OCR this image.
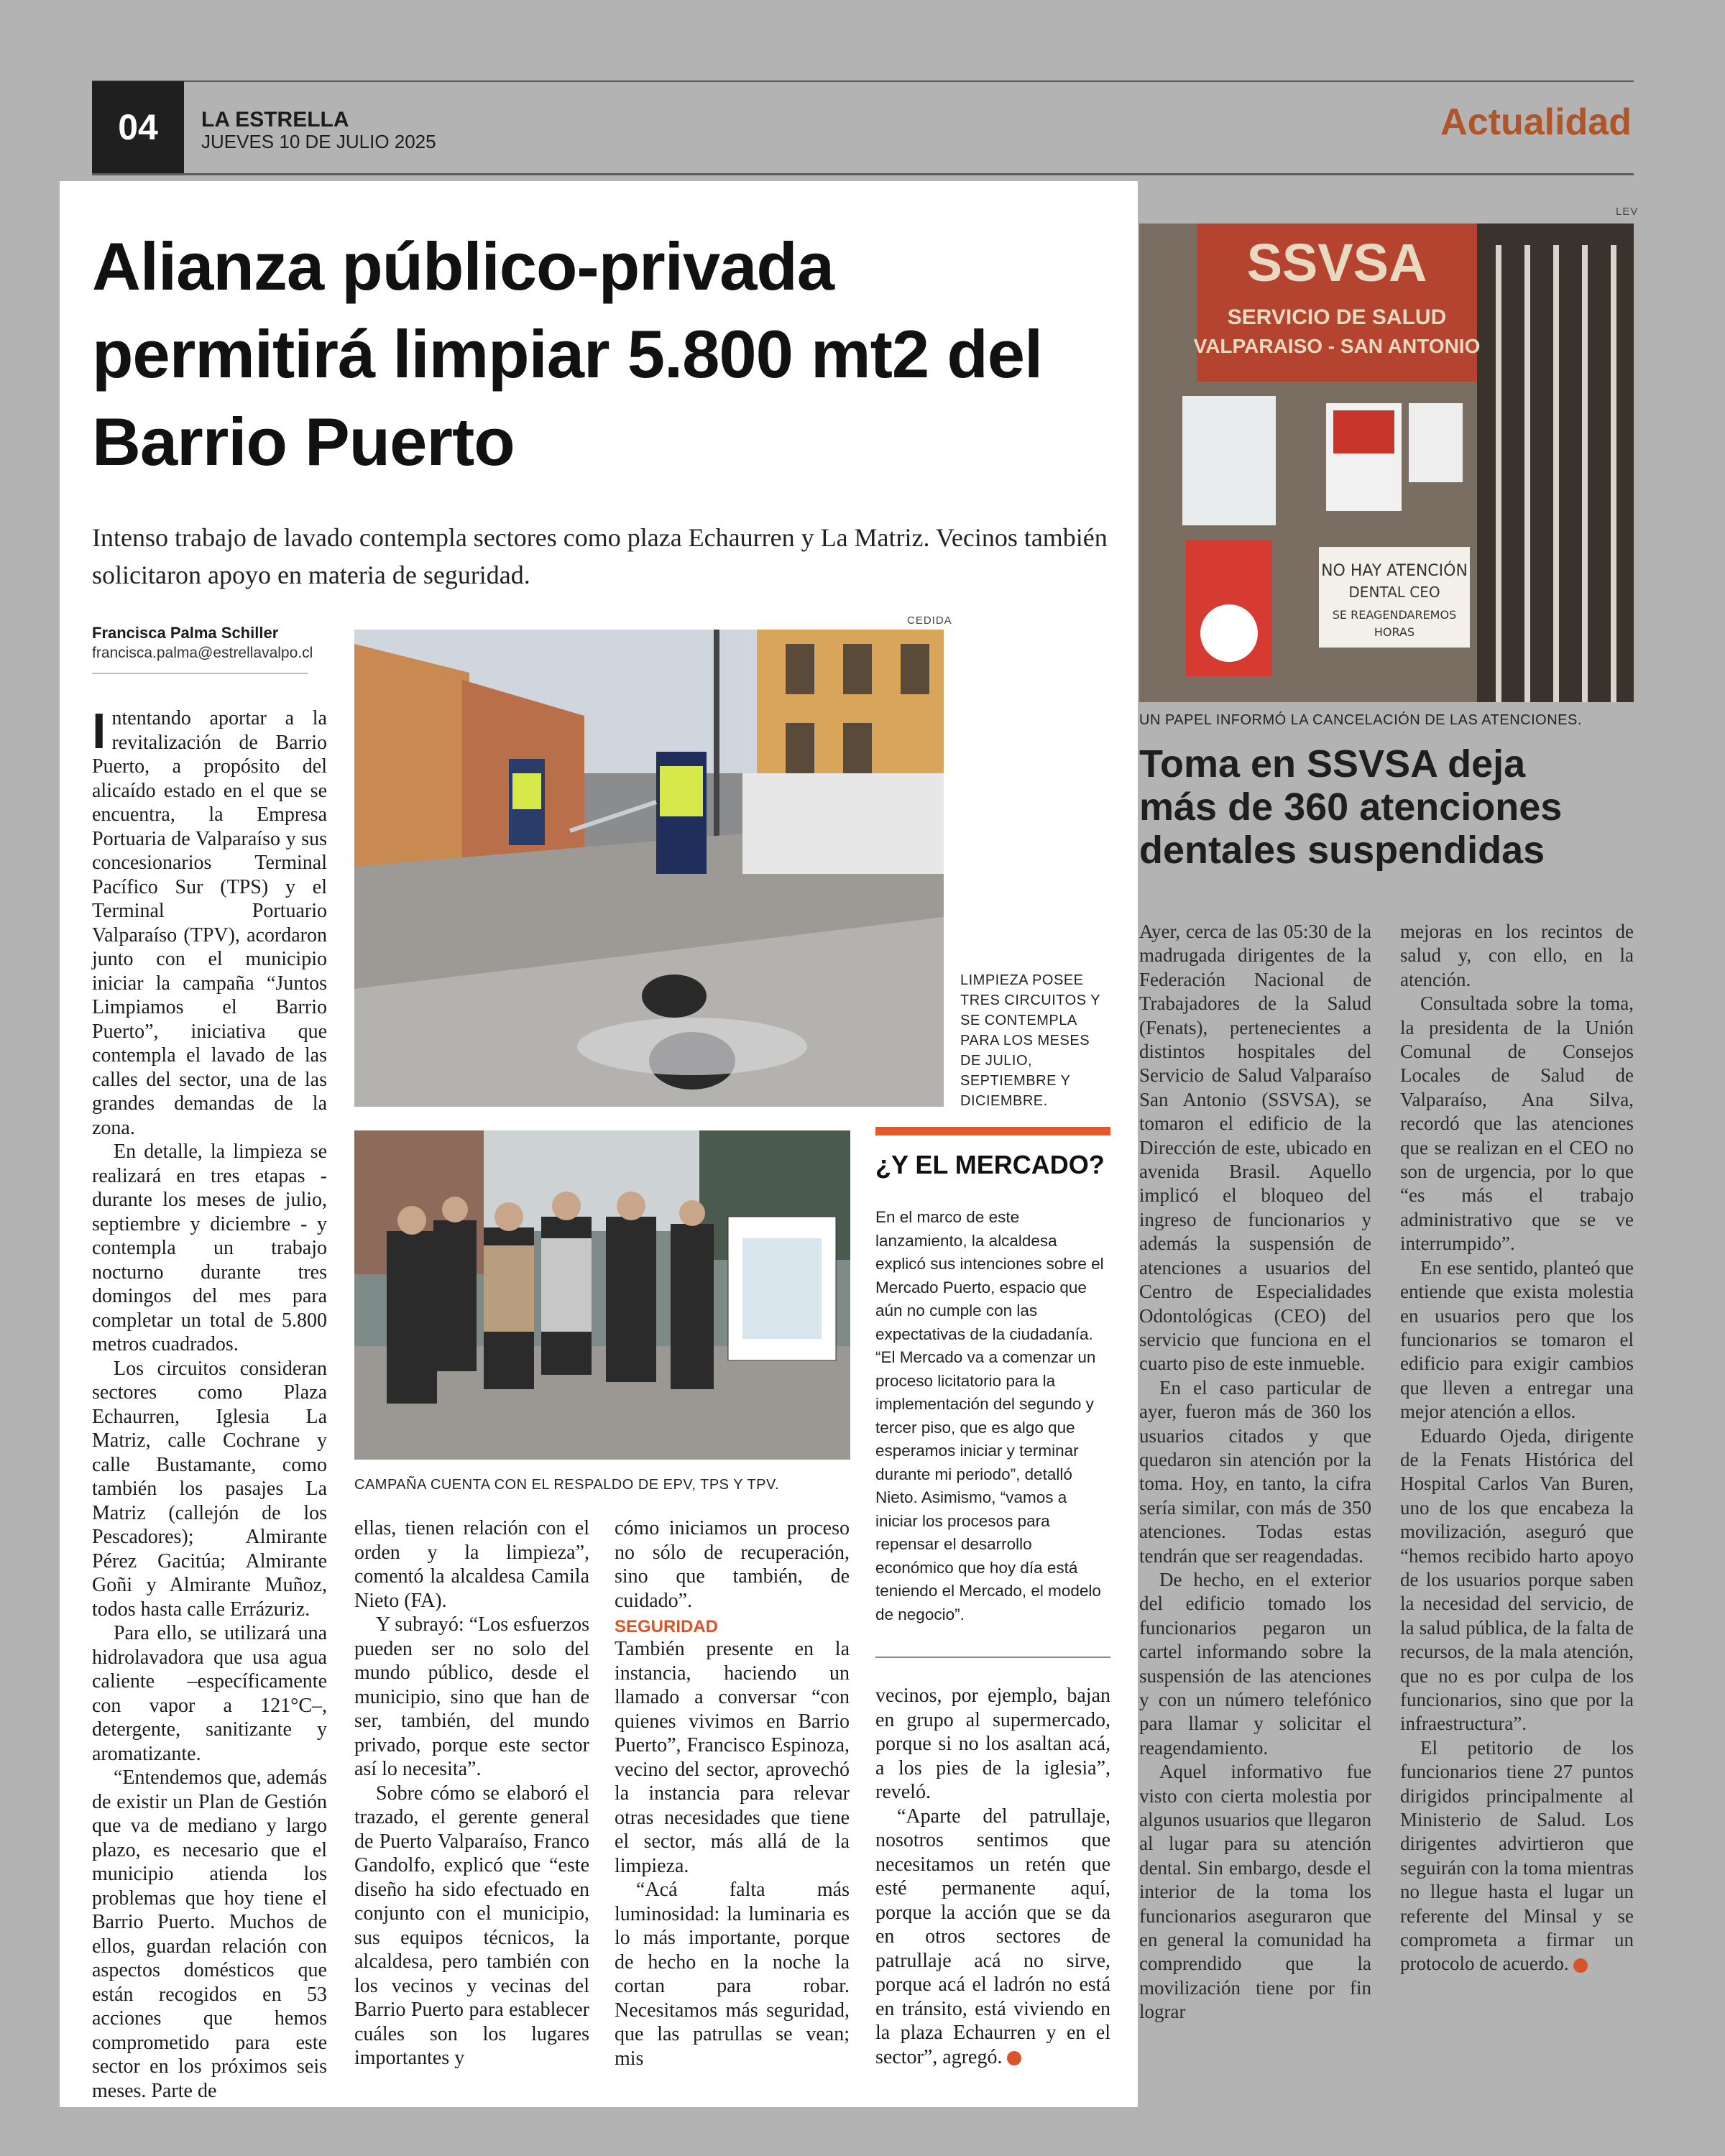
04	LA ESTRELLA
JUEVES 10 DE JULIO 2025	Actualidad
Alianza público-privada permitirá limpiar 5.800 mt2 del Barrio Puerto
Intenso trabajo de lavado contempla sectores como plaza Echaurren y La Matriz. Vecinos también solicitaron apoyo en materia de seguridad.
Francisca Palma Schiller
francisca.palma@estrellavalpo.cl
CEDIDA
LIMPIEZA POSEE TRES CIRCUITOS Y SE CONTEMPLA PARA LOS MESES DE JULIO, SEPTIEMBRE Y DICIEMBRE.
CAMPAÑA CUENTA CON EL RESPALDO DE EPV, TPS Y TPV.

Intentando aportar a la revitalización de Barrio Puerto, a propósito del alicaído estado en el que se encuentra, la Empresa Portuaria de Valparaíso y sus concesionarios Terminal Pacífico Sur (TPS) y el Terminal Portuario Valparaíso (TPV), acordaron junto con el municipio iniciar la campaña “Juntos Limpiamos el Barrio Puerto”, iniciativa que contempla el lavado de las calles del sector, una de las grandes demandas de la zona.

En detalle, la limpieza se realizará en tres etapas - durante los meses de julio, septiembre y diciembre - y contempla un trabajo nocturno durante tres domingos del mes para completar un total de 5.800 metros cuadrados.

Los circuitos consideran sectores como Plaza Echaurren, Iglesia La Matriz, calle Cochrane y calle Bustamante, como también los pasajes La Matriz (callejón de los Pescadores); Almirante Pérez Gacitúa; Almirante Goñi y Almirante Muñoz, todos hasta calle Errázuriz.

Para ello, se utilizará una hidrolavadora que usa agua caliente –específicamente con vapor a 121°C–, detergente, sanitizante y aromatizante.

“Entendemos que, además de existir un Plan de Gestión que va de mediano y largo plazo, es necesario que el municipio atienda los problemas que hoy tiene el Barrio Puerto. Muchos de ellos, guardan relación con aspectos domésticos que están recogidos en 53 acciones que hemos comprometido para este sector en los próximos seis meses. Parte de

ellas, tienen relación con el orden y la limpieza”, comentó la alcaldesa Camila Nieto (FA).

Y subrayó: “Los esfuerzos pueden ser no solo del mundo público, desde el municipio, sino que han de ser, también, del mundo privado, porque este sector así lo necesita”.

Sobre cómo se elaboró el trazado, el gerente general de Puerto Valparaíso, Franco Gandolfo, explicó que “este diseño ha sido efectuado en conjunto con el municipio, sus equipos técnicos, la alcaldesa, pero también con los vecinos y vecinas del Barrio Puerto para establecer cuáles son los lugares importantes y

cómo iniciamos un proceso no sólo de recuperación, sino que también, de cuidado”.

SEGURIDAD

También presente en la instancia, haciendo un llamado a conversar “con quienes vivimos en Barrio Puerto”, Francisco Espinoza, vecino del sector, aprovechó la instancia para relevar otras necesidades que tiene el sector, más allá de la limpieza.

“Acá falta más luminosidad: la luminaria es lo más importante, porque de hecho en la noche la cortan para robar. Necesitamos más seguridad, que las patrullas se vean; mis

¿Y EL MERCADO?
En el marco de este lanzamiento, la alcaldesa explicó sus intenciones sobre el Mercado Puerto, espacio que aún no cumple con las expectativas de la ciudadanía. “El Mercado va a comenzar un proceso licitatorio para la implementación del segundo y tercer piso, que es algo que esperamos iniciar y terminar durante mi periodo”, detalló Nieto. Asimismo, “vamos a iniciar los procesos para repensar el desarrollo económico que hoy día está teniendo el Mercado, el modelo de negocio”.

vecinos, por ejemplo, bajan en grupo al supermercado, porque si no los asaltan acá, a los pies de la iglesia”, reveló.

“Aparte del patrullaje, nosotros sentimos que necesitamos un retén que esté permanente aquí, porque la acción que se da en otros sectores de patrullaje acá no sirve, porque acá el ladrón no está en tránsito, está viviendo en la plaza Echaurren y en el sector”, agregó.

LEV
SSVSA
SERVICIO DE SALUD
VALPARAISO - SAN ANTONIO
NO HAY ATENCIÓN
DENTAL CEO
SE REAGENDAREMOS
HORAS
UN PAPEL INFORMÓ LA CANCELACIÓN DE LAS ATENCIONES.
Toma en SSVSA deja más de 360 atenciones dentales suspendidas

Ayer, cerca de las 05:30 de la madrugada dirigentes de la Federación Nacional de Trabajadores de la Salud (Fenats), pertenecientes a distintos hospitales del Servicio de Salud Valparaíso San Antonio (SSVSA), se tomaron el edificio de la Dirección de este, ubicado en avenida Brasil. Aquello implicó el bloqueo del ingreso de funcionarios y además la suspensión de atenciones a usuarios del Centro de Especialidades Odontológicas (CEO) del servicio que funciona en el cuarto piso de este inmueble.

En el caso particular de ayer, fueron más de 360 los usuarios citados y que quedaron sin atención por la toma. Hoy, en tanto, la cifra sería similar, con más de 350 atenciones. Todas estas tendrán que ser reagendadas.

De hecho, en el exterior del edificio tomado los funcionarios pegaron un cartel informando sobre la suspensión de las atenciones y con un número telefónico para llamar y solicitar el reagendamiento.

Aquel informativo fue visto con cierta molestia por algunos usuarios que llegaron al lugar para su atención dental. Sin embargo, desde el interior de la toma los funcionarios aseguraron que en general la comunidad ha comprendido que la movilización tiene por fin lograr

mejoras en los recintos de salud y, con ello, en la atención.

Consultada sobre la toma, la presidenta de la Unión Comunal de Consejos Locales de Salud de Valparaíso, Ana Silva, recordó que las atenciones que se realizan en el CEO no son de urgencia, por lo que “es más el trabajo administrativo que se ve interrumpido”.

En ese sentido, planteó que entiende que exista molestia en usuarios pero que los funcionarios se tomaron el edificio para exigir cambios que lleven a entregar una mejor atención a ellos.

Eduardo Ojeda, dirigente de la Fenats Histórica del Hospital Carlos Van Buren, uno de los que encabeza la movilización, aseguró que “hemos recibido harto apoyo de los usuarios porque saben la necesidad del servicio, de la salud pública, de la falta de recursos, de la mala atención, que no es por culpa de los funcionarios, sino que por la infraestructura”.

El petitorio de los funcionarios tiene 27 puntos dirigidos principalmente al Ministerio de Salud. Los dirigentes advirtieron que seguirán con la toma mientras no llegue hasta el lugar un referente del Minsal y se comprometa a firmar un protocolo de acuerdo.
